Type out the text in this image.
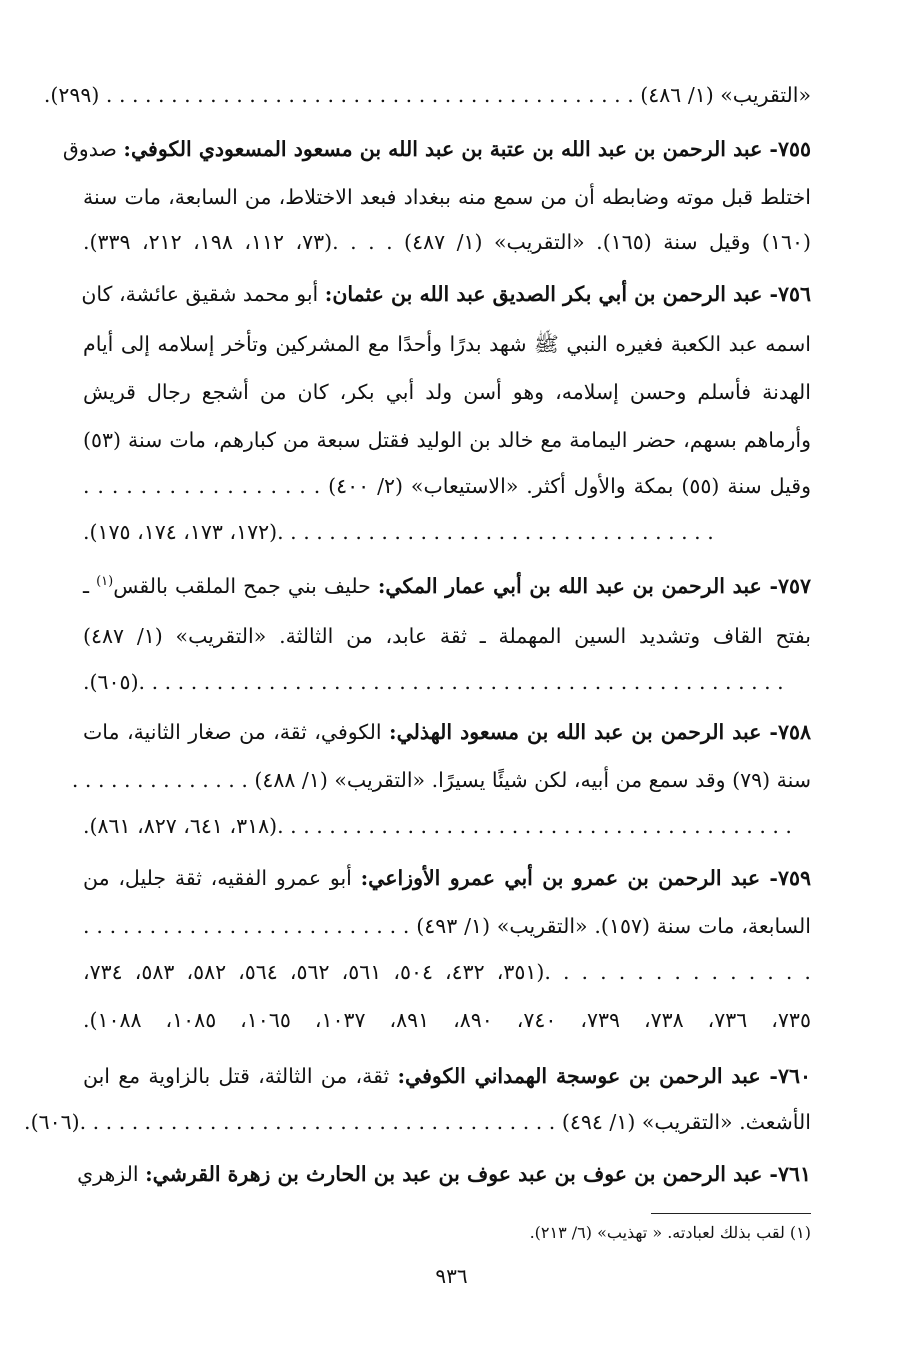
«التقريب» (١/ ٤٨٦) . . . . . . . . . . . . . . . . . . . . . . . . . . . . . . . . . . . . . . . . . (٢٩٩).
٧٥٥- عبد الرحمن بن عبد الله بن عتبة بن عبد الله بن مسعود المسعودي الكوفي: صدوق
اختلط قبل موته وضابطه أن من سمع منه ببغداد فبعد الاختلاط، من السابعة، مات سنة
(١٦٠) وقيل سنة (١٦٥). «التقريب» (١/ ٤٨٧) . . . .(٧٣، ١١٢، ١٩٨، ٢١٢، ٣٣٩).
٧٥٦- عبد الرحمن بن أبي بكر الصديق عبد الله بن عثمان: أبو محمد شقيق عائشة، كان
اسمه عبد الكعبة فغيره النبي ﷺ شهد بدرًا وأحدًا مع المشركين وتأخر إسلامه إلى أيام
الهدنة فأسلم وحسن إسلامه، وهو أسن ولد أبي بكر، كان من أشجع رجال قريش
وأرماهم بسهم، حضر اليمامة مع خالد بن الوليد فقتل سبعة من كبارهم، مات سنة (٥٣)
وقيل سنة (٥٥) بمكة والأول أكثر. «الاستيعاب» (٢/ ٤٠٠) . . . . . . . . . . . . . . . . .
. . . . . . . . . . . . . . . . . . . . . . . . . . . . . . . . . .(١٧٢، ١٧٣، ١٧٤، ١٧٥).
٧٥٧- عبد الرحمن بن عبد الله بن أبي عمار المكي: حليف بني جمح الملقب بالقس$^{(١)}$ ـ
بفتح القاف وتشديد السين المهملة ـ ثقة عابد، من الثالثة. «التقريب» (١/ ٤٨٧)
. . . . . . . . . . . . . . . . . . . . . . . . . . . . . . . . . . . . . . . . . . . . . . . . . .(٦٠٥).
٧٥٨- عبد الرحمن بن عبد الله بن مسعود الهذلي: الكوفي، ثقة، من صغار الثانية، مات
سنة (٧٩) وقد سمع من أبيه، لكن شيئًا يسيرًا. «التقريب» (١/ ٤٨٨) . . . . . . . . . . . . . .
. . . . . . . . . . . . . . . . . . . . . . . . . . . . . . . . . . . . . . . .(٣١٨، ٦٤١، ٨٢٧، ٨٦١).
٧٥٩- عبد الرحمن بن عمرو بن أبي عمرو الأوزاعي: أبو عمرو الفقيه، ثقة جليل، من
السابعة، مات سنة (١٥٧). «التقريب» (١/ ٤٩٣) . . . . . . . . . . . . . . . . . . . . . . . . .
. . . . . . . . . . . . . . .(٣٥١، ٤٣٢، ٥٠٤، ٥٦١، ٥٦٢، ٥٦٤، ٥٨٢، ٥٨٣، ٧٣٤،
٧٣٥، ٧٣٦، ٧٣٨، ٧٣٩، ٧٤٠، ٨٩٠، ٨٩١، ١٠٣٧، ١٠٦٥، ١٠٨٥، ١٠٨٨).
٧٦٠- عبد الرحمن بن عوسجة الهمداني الكوفي: ثقة، من الثالثة، قتل بالزاوية مع ابن
الأشعث. «التقريب» (١/ ٤٩٤) . . . . . . . . . . . . . . . . . . . . . . . . . . . . . . . . . . . . .(٦٠٦).
٧٦١- عبد الرحمن بن عوف بن عبد عوف بن عبد بن الحارث بن زهرة القرشي: الزهري
(١) لقب بذلك لعبادته. « تهذيب» (٦/ ٢١٣).
٩٣٦
